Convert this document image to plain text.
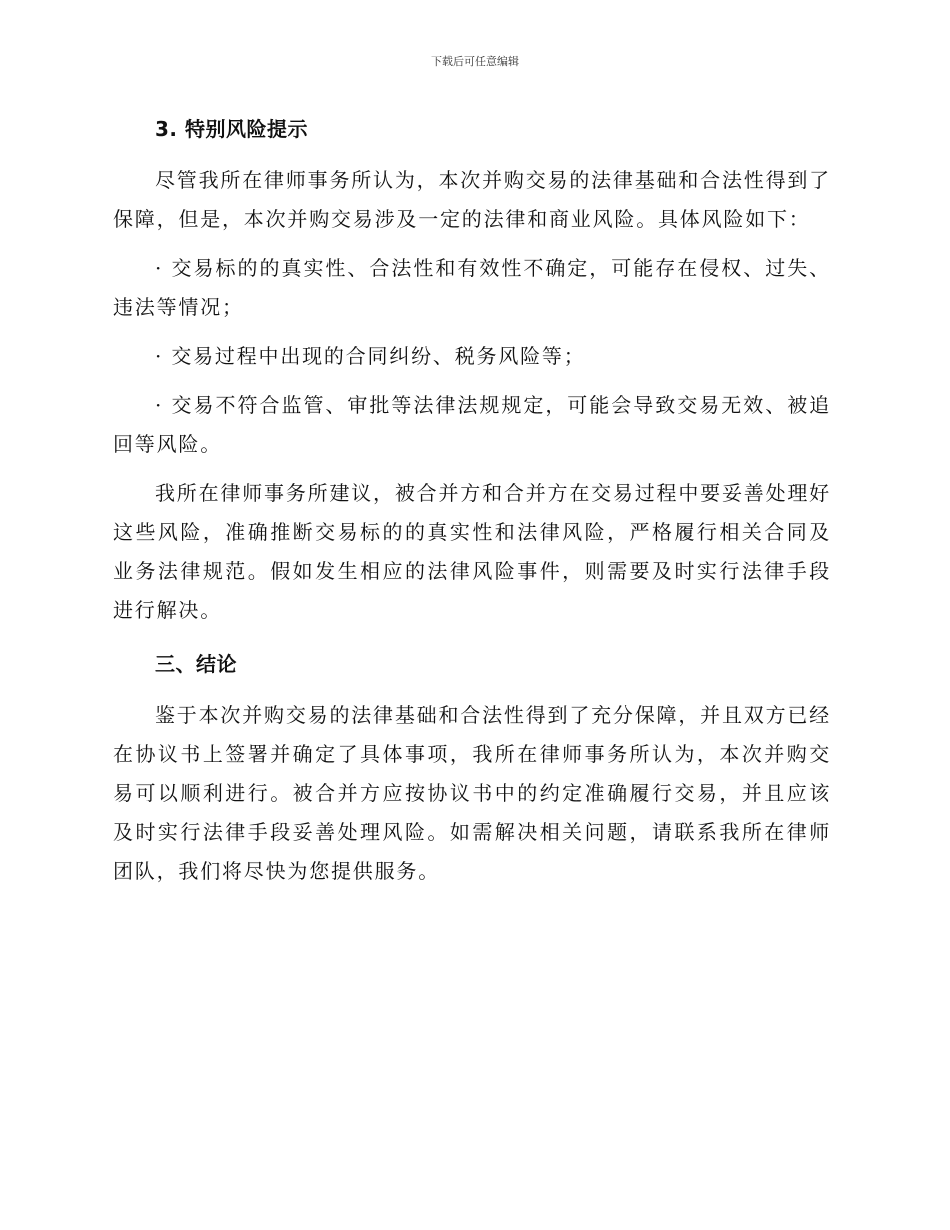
下载后可任意编辑
3. 特别风险提示

尽管我所在律师事务所认为，本次并购交易的法律基础和合法性得到了保障，但是，本次并购交易涉及一定的法律和商业风险。具体风险如下：

· 交易标的的真实性、合法性和有效性不确定，可能存在侵权、过失、违法等情况；

· 交易过程中出现的合同纠纷、税务风险等；

· 交易不符合监管、审批等法律法规规定，可能会导致交易无效、被追回等风险。

我所在律师事务所建议，被合并方和合并方在交易过程中要妥善处理好这些风险，准确推断交易标的的真实性和法律风险，严格履行相关合同及业务法律规范。假如发生相应的法律风险事件，则需要及时实行法律手段进行解决。

三、结论

鉴于本次并购交易的法律基础和合法性得到了充分保障，并且双方已经在协议书上签署并确定了具体事项，我所在律师事务所认为，本次并购交易可以顺利进行。被合并方应按协议书中的约定准确履行交易，并且应该及时实行法律手段妥善处理风险。如需解决相关问题，请联系我所在律师团队，我们将尽快为您提供服务。
